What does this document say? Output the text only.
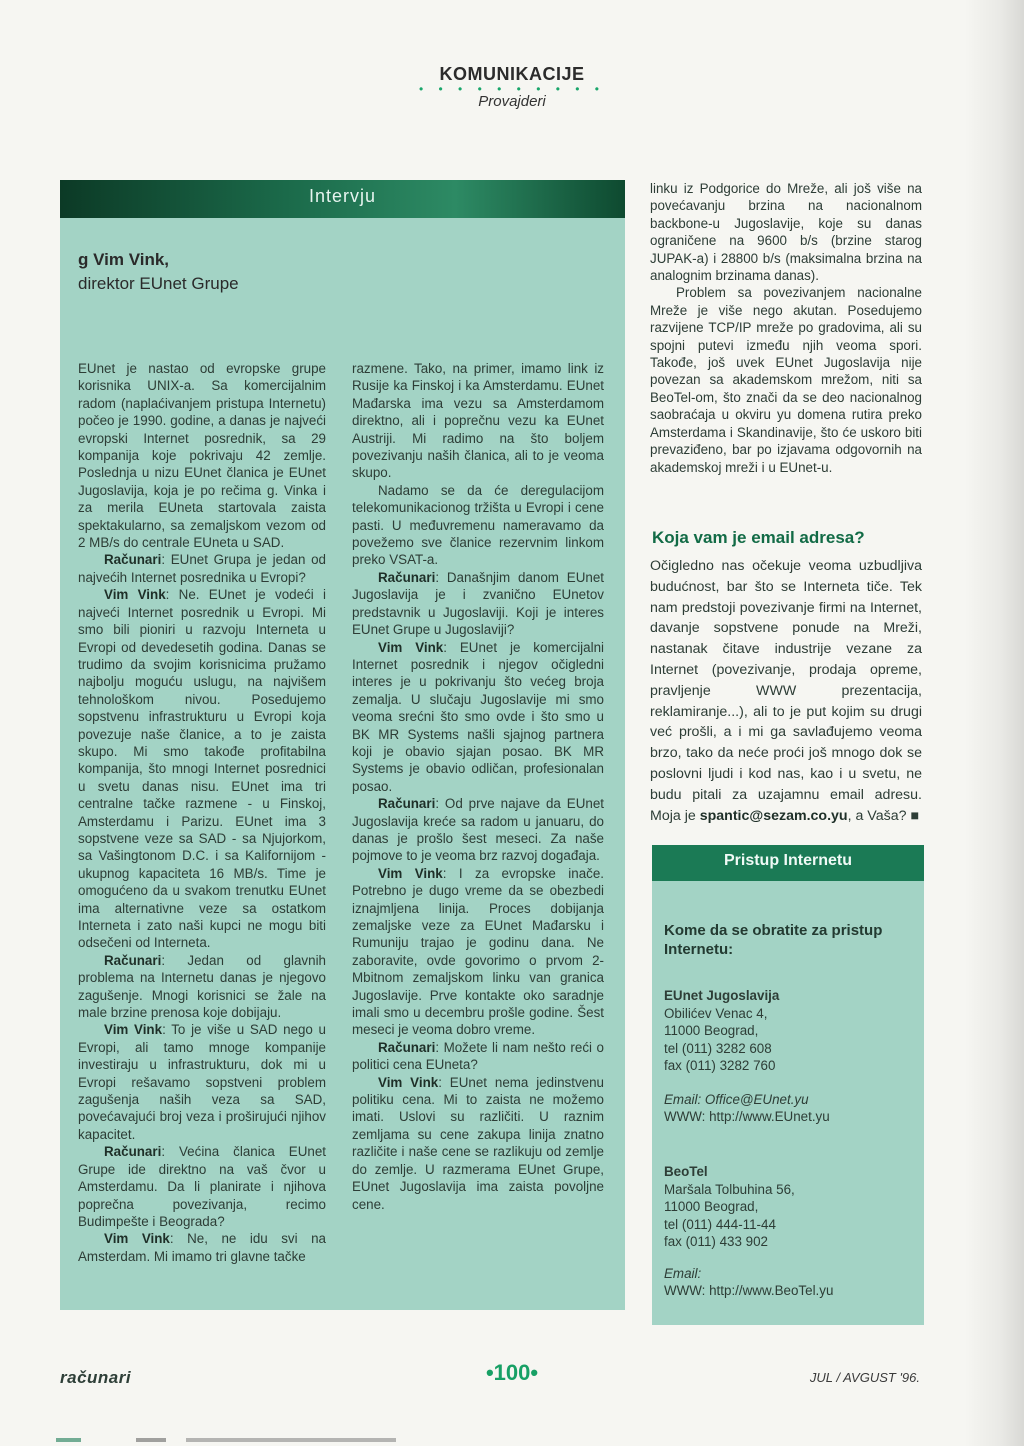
KOMUNIKACIJE
• • • • • • • • • •
Provajderi
Intervju
g Vim Vink,
direktor EUnet Grupe

EUnet je nastao od evropske grupe korisnika UNIX-a. Sa komercijalnim radom (naplaćivanjem pristupa Internetu) počeo je 1990. godine, a danas je najveći evropski Internet posrednik, sa 29 kompanija koje pokrivaju 42 zemlje. Poslednja u nizu EUnet članica je EUnet Jugoslavija, koja je po rečima g. Vinka i za merila EUneta startovala zaista spektakularno, sa zemaljskom vezom od 2 MB/s do centrale EUneta u SAD.

Računari: EUnet Grupa je jedan od najvećih Internet posrednika u Evropi?

Vim Vink: Ne. EUnet je vodeći i najveći Internet posrednik u Evropi. Mi smo bili pioniri u razvoju Interneta u Evropi od devedesetih godina. Danas se trudimo da svojim korisnicima pružamo najbolju moguću uslugu, na najvišem tehnološkom nivou. Posedujemo sopstvenu infrastrukturu u Evropi koja povezuje naše članice, a to je zaista skupo. Mi smo takođe profitabilna kompanija, što mnogi Internet posrednici u svetu danas nisu. EUnet ima tri centralne tačke razmene - u Finskoj, Amsterdamu i Parizu. EUnet ima 3 sopstvene veze sa SAD - sa Njujorkom, sa Vašingtonom D.C. i sa Kalifornijom - ukupnog kapaciteta 16 MB/s. Time je omogućeno da u svakom trenutku EUnet ima alternativne veze sa ostatkom Interneta i zato naši kupci ne mogu biti odsečeni od Interneta.

Računari: Jedan od glavnih problema na Internetu danas je njegovo zagušenje. Mnogi korisnici se žale na male brzine prenosa koje dobijaju.

Vim Vink: To je više u SAD nego u Evropi, ali tamo mnoge kompanije investiraju u infrastrukturu, dok mi u Evropi rešavamo sopstveni problem zagušenja naših veza sa SAD, povećavajući broj veza i proširujući njihov kapacitet.

Računari: Većina članica EUnet Grupe ide direktno na vaš čvor u Amsterdamu. Da li planirate i njihova poprečna povezivanja, recimo Budimpešte i Beograda?

Vim Vink: Ne, ne idu svi na Amsterdam. Mi imamo tri glavne tačke

razmene. Tako, na primer, imamo link iz Rusije ka Finskoj i ka Amsterdamu. EUnet Mađarska ima vezu sa Amsterdamom direktno, ali i poprečnu vezu ka EUnet Austriji. Mi radimo na što boljem povezivanju naših članica, ali to je veoma skupo.

Nadamo se da će deregulacijom telekomunikacionog tržišta u Evropi i cene pasti. U međuvremenu nameravamo da povežemo sve članice rezervnim linkom preko VSAT-a.

Računari: Današnjim danom EUnet Jugoslavija je i zvanično EUnetov predstavnik u Jugoslaviji. Koji je interes EUnet Grupe u Jugoslaviji?

Vim Vink: EUnet je komercijalni Internet posrednik i njegov očigledni interes je u pokrivanju što većeg broja zemalja. U slučaju Jugoslavije mi smo veoma srećni što smo ovde i što smo u BK MR Systems našli sjajnog partnera koji je obavio sjajan posao. BK MR Systems je obavio odličan, profesionalan posao.

Računari: Od prve najave da EUnet Jugoslavija kreće sa radom u januaru, do danas je prošlo šest meseci. Za naše pojmove to je veoma brz razvoj događaja.

Vim Vink: I za evropske inače. Potrebno je dugo vreme da se obezbedi iznajmljena linija. Proces dobijanja zemaljske veze za EUnet Mađarsku i Rumuniju trajao je godinu dana. Ne zaboravite, ovde govorimo o prvom 2-Mbitnom zemaljskom linku van granica Jugoslavije. Prve kontakte oko saradnje imali smo u decembru prošle godine. Šest meseci je veoma dobro vreme.

Računari: Možete li nam nešto reći o politici cena EUneta?

Vim Vink: EUnet nema jedinstvenu politiku cena. Mi to zaista ne možemo imati. Uslovi su različiti. U raznim zemljama su cene zakupa linija znatno različite i naše cene se razlikuju od zemlje do zemlje. U razmerama EUnet Grupe, EUnet Jugoslavija ima zaista povoljne cene.

linku iz Podgorice do Mreže, ali još više na povećavanju brzina na nacionalnom backbone-u Jugoslavije, koje su danas ograničene na 9600 b/s (brzine starog JUPAK-a) i 28800 b/s (maksimalna brzina na analognim brzinama danas).

Problem sa povezivanjem nacionalne Mreže je više nego akutan. Posedujemo razvijene TCP/IP mreže po gradovima, ali su spojni putevi između njih veoma spori. Takođe, još uvek EUnet Jugoslavija nije povezan sa akademskom mrežom, niti sa BeoTel-om, što znači da se deo nacionalnog saobraćaja u okviru yu domena rutira preko Amsterdama i Skandinavije, što će uskoro biti prevaziđeno, bar po izjavama odgovornih na akademskoj mreži i u EUnet-u.

Koja vam je email adresa?

Očigledno nas očekuje veoma uzbudljiva budućnost, bar što se Interneta tiče. Tek nam predstoji povezivanje firmi na Internet, davanje sopstvene ponude na Mreži, nastanak čitave industrije vezane za Internet (povezivanje, prodaja opreme, pravljenje WWW prezentacija, reklamiranje...), ali to je put kojim su drugi već prošli, a i mi ga savlađujemo veoma brzo, tako da neće proći još mnogo dok se poslovni ljudi i kod nas, kao i u svetu, ne budu pitali za uzajamnu email adresu. Moja je spantic@sezam.co.yu, a Vaša? ■

Pristup Internetu
Kome da se obratite za pristup Internetu:
EUnet Jugoslavija
Obilićev Venac 4,
11000 Beograd,
tel (011) 3282 608
fax (011) 3282 760
Email: Office@EUnet.yu
WWW: http://www.EUnet.yu
BeoTel
Maršala Tolbuhina 56,
11000 Beograd,
tel (011) 444-11-44
fax (011) 433 902
Email:
WWW: http://www.BeoTel.yu
računari	•100•	JUL / AVGUST '96.
